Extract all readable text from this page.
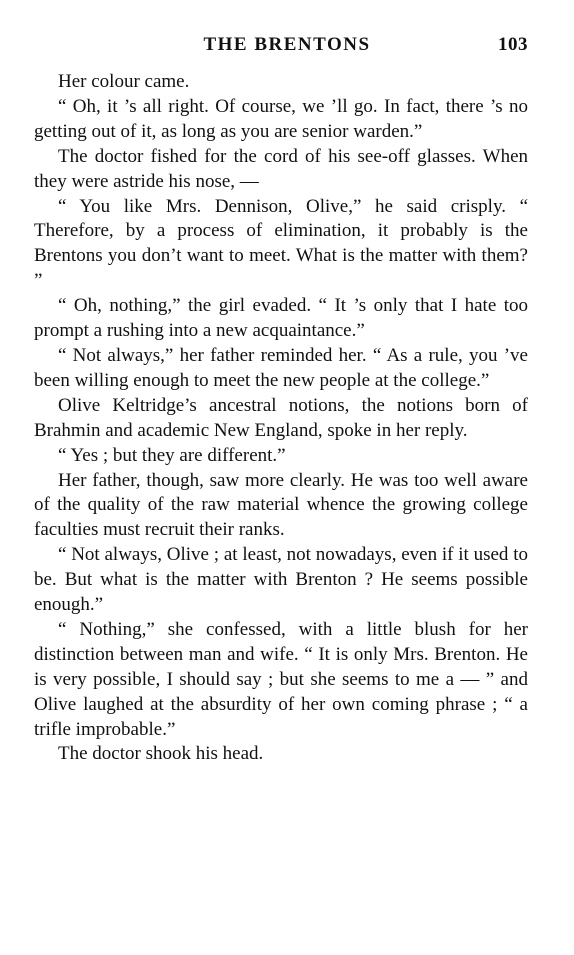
THE BRENTONS	103

Her colour came.

“ Oh, it ’s all right. Of course, we ’ll go. In fact, there ’s no getting out of it, as long as you are senior warden.”

The doctor fished for the cord of his see-off glasses. When they were astride his nose, —

“ You like Mrs. Dennison, Olive,” he said crisply. “ Therefore, by a process of elimination, it probably is the Brentons you don’t want to meet. What is the matter with them? ”

“ Oh, nothing,” the girl evaded. “ It ’s only that I hate too prompt a rushing into a new acquaintance.”

“ Not always,” her father reminded her. “ As a rule, you ’ve been willing enough to meet the new people at the college.”

Olive Keltridge’s ancestral notions, the notions born of Brahmin and academic New England, spoke in her reply.

“ Yes ; but they are different.”

Her father, though, saw more clearly. He was too well aware of the quality of the raw material whence the growing college faculties must recruit their ranks.

“ Not always, Olive ; at least, not nowadays, even if it used to be. But what is the matter with Brenton ? He seems possible enough.”

“ Nothing,” she confessed, with a little blush for her distinction between man and wife. “ It is only Mrs. Brenton. He is very possible, I should say ; but she seems to me a — ” and Olive laughed at the absurdity of her own coming phrase ; “ a trifle improbable.”

The doctor shook his head.
